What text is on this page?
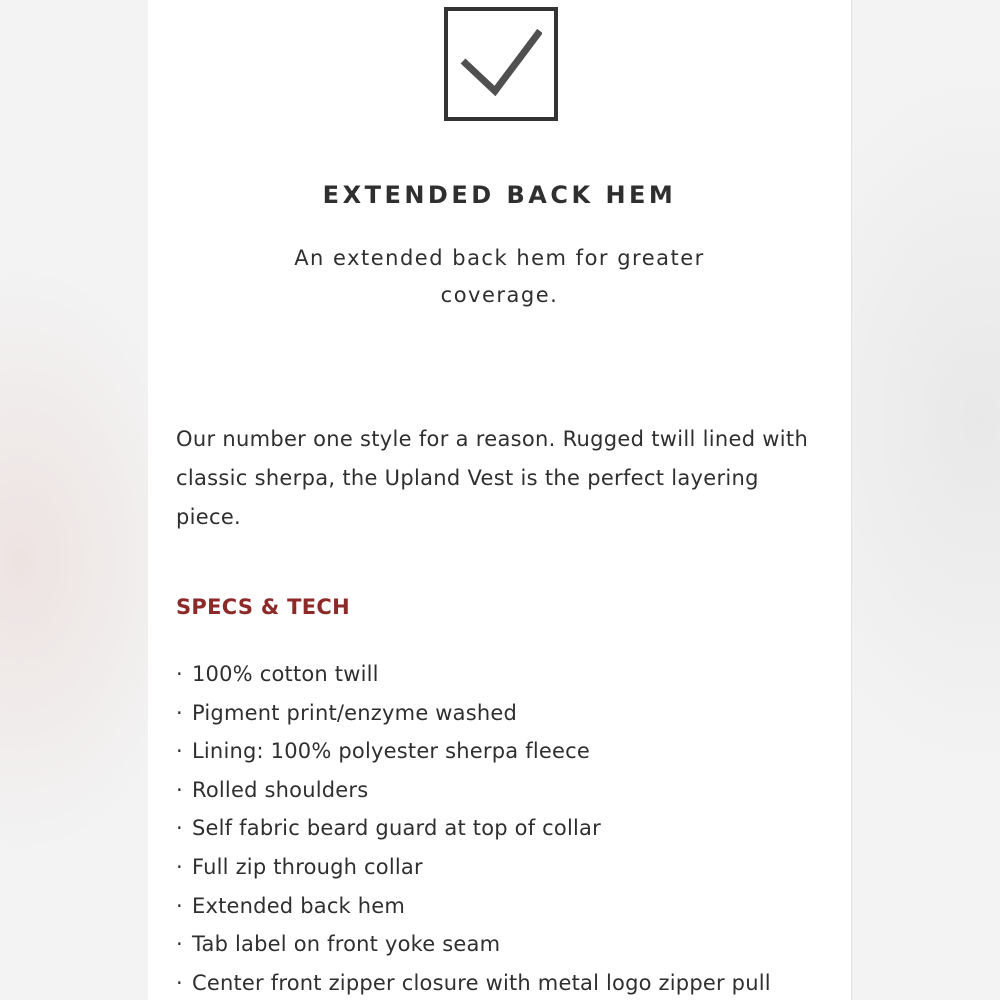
EXTENDED BACK HEM
An extended back hem for greater coverage.
Our number one style for a reason. Rugged twill lined with classic sherpa, the Upland Vest is the perfect layering piece.
SPECS & TECH
· 100% cotton twill
· Pigment print/enzyme washed
· Lining: 100% polyester sherpa fleece
· Rolled shoulders
· Self fabric beard guard at top of collar
· Full zip through collar
· Extended back hem
· Tab label on front yoke seam
· Center front zipper closure with metal logo zipper pull
